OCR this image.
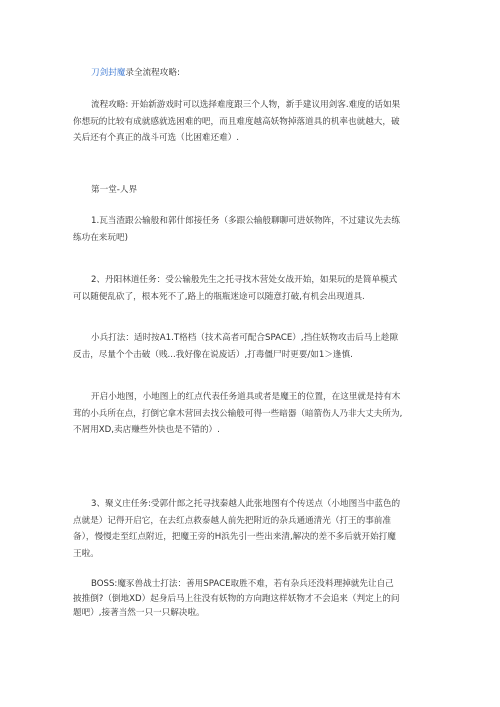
刀剑封魔录全流程攻略:

流程攻略: 开始新游戏时可以选择难度跟三个人物，新手建议用剑客.难度的话如果
你想玩的比较有成就感就选困难的吧，而且难度越高妖物掉落道具的机率也就越大，破
关后还有个真正的战斗可选（比困难还难）.

第一堂-人界

1.瓦当渣跟公输般和郭什郎接任务（多跟公输般聊聊可进妖物阵，不过建议先去练
练功在来玩吧)

2、丹阳林道任务：受公输般先生之托寻找木营处女战开始，如果玩的是简单模式
可以随便乱砍了，根本死不了,路上的瓶瓶迷途可以随意打破,有机会出现道具.

小兵打法：适时按A1.T格档（技术高者可配合SPACE）,挡住妖物攻击后马上趁隙
反击，尽量个个击破（贱...我好像在说废话）,打毒僵尸时更要/如1＞逢慎.

开启小地图，小地图上的红点代表任务道具或者是魔王的位置，在这里就是持有木
茸的小兵所在点，打倒它拿木营回去找公输般可得一些暗器（暗箭伤人乃非大丈夫所为,
不屑用XD,卖店赚些外快也是不错的）.

3、聚义庄任务:受郭什郎之托寻找秦越人此张地图有个传送点（小地图当中蓝色的
点就是）记得开启它，在去红点救泰越人前先把附近的杂兵通通清光（打王的事前准
备），慢慢走至红点附近，把魔王旁的H浜先引一些出来清,解决的差不多后就开始打魔
王啦。

BOSS:魔豕兽战士打法：善用SPACE取胜不难，若有杂兵还没料理掉就先让自己
披推倒?（倒地XD）起身后马上往没有妖物的方向跑这样妖物才不会追来（判定上的问
题吧）,接著当然一只一只解决啦。
